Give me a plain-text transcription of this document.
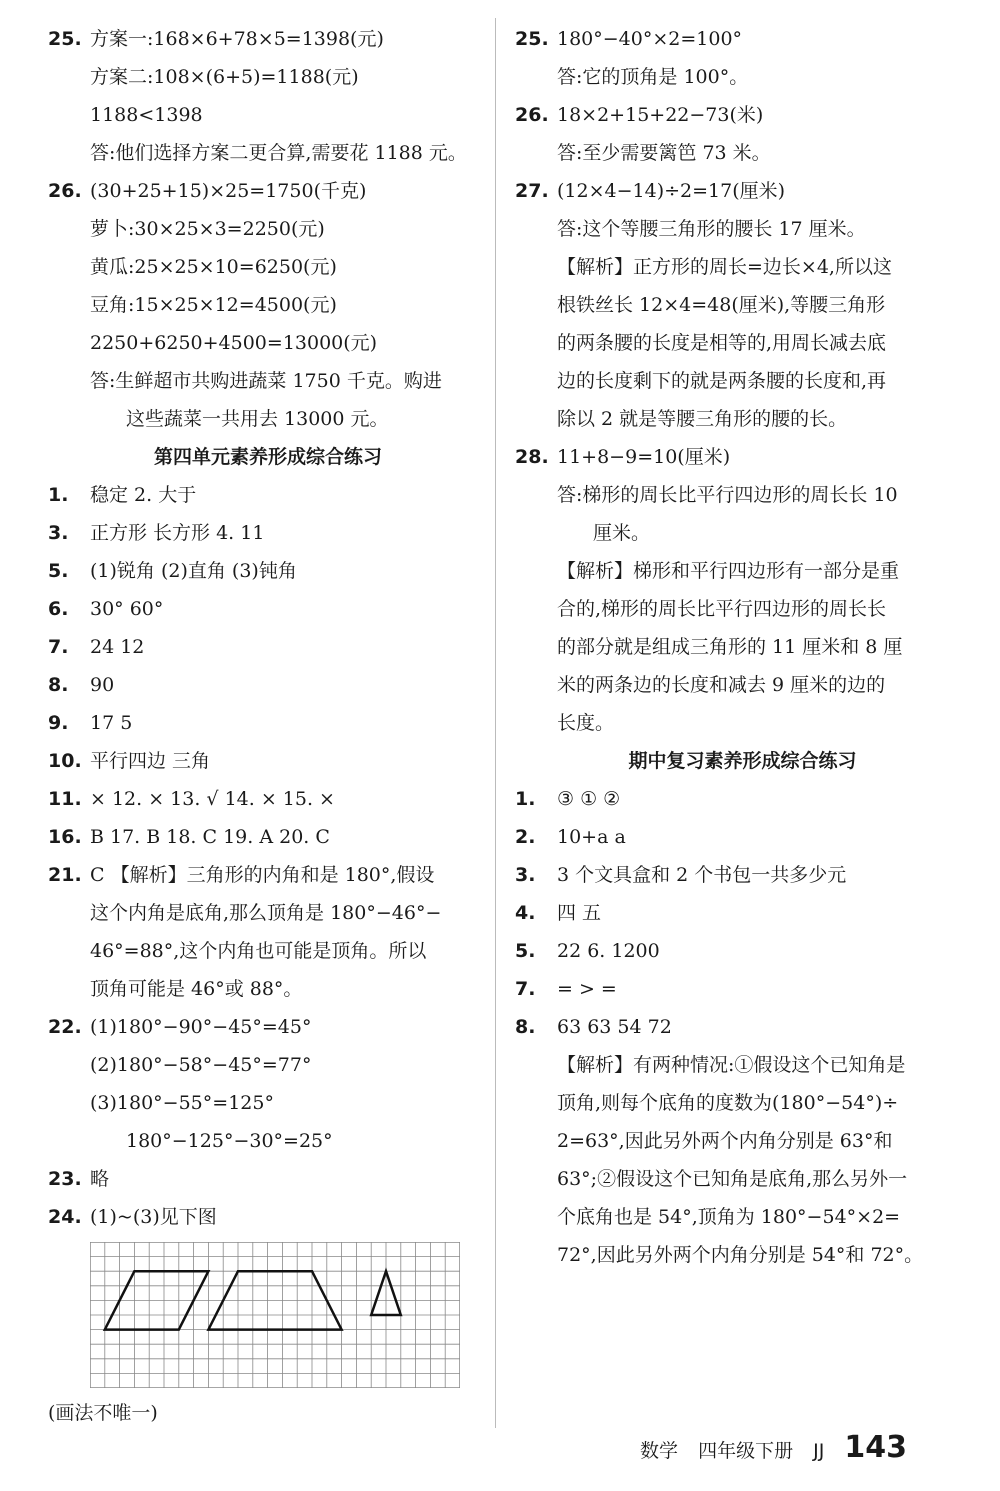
25. 方案一:168×6+78×5=1398(元)
方案二:108×(6+5)=1188(元)
1188<1398
答:他们选择方案二更合算,需要花 1188 元。
26. (30+25+15)×25=1750(千克)
萝卜:30×25×3=2250(元)
黄瓜:25×25×10=6250(元)
豆角:15×25×12=4500(元)
2250+6250+4500=13000(元)
答:生鲜超市共购进蔬菜 1750 千克。购进
这些蔬菜一共用去 13000 元。
第四单元素养形成综合练习
1. 稳定 2. 大于
3. 正方形 长方形 4. 11
5. (1)锐角 (2)直角 (3)钝角
6. 30° 60°
7. 24 12
8. 90
9. 17 5
10. 平行四边 三角
11. × 12. × 13. √ 14. × 15. ×
16. B 17. B 18. C 19. A 20. C
21. C 【解析】三角形的内角和是 180°,假设
这个内角是底角,那么顶角是 180°−46°−
46°=88°,这个内角也可能是顶角。所以
顶角可能是 46°或 88°。
22. (1)180°−90°−45°=45°
(2)180°−58°−45°=77°
(3)180°−55°=125°
180°−125°−30°=25°
23. 略
24. (1)~(3)见下图
(画法不唯一)
25. 180°−40°×2=100°
答:它的顶角是 100°。
26. 18×2+15+22−73(米)
答:至少需要篱笆 73 米。
27. (12×4−14)÷2=17(厘米)
答:这个等腰三角形的腰长 17 厘米。
【解析】正方形的周长=边长×4,所以这
根铁丝长 12×4=48(厘米),等腰三角形
的两条腰的长度是相等的,用周长减去底
边的长度剩下的就是两条腰的长度和,再
除以 2 就是等腰三角形的腰的长。
28. 11+8−9=10(厘米)
答:梯形的周长比平行四边形的周长长 10
厘米。
【解析】梯形和平行四边形有一部分是重
合的,梯形的周长比平行四边形的周长长
的部分就是组成三角形的 11 厘米和 8 厘
米的两条边的长度和减去 9 厘米的边的
长度。
期中复习素养形成综合练习
1. ③ ① ②
2. 10+a a
3. 3 个文具盒和 2 个书包一共多少元
4. 四 五
5. 22 6. 1200
7. = > =
8. 63 63 54 72
【解析】有两种情况:①假设这个已知角是
顶角,则每个底角的度数为(180°−54°)÷
2=63°,因此另外两个内角分别是 63°和
63°;②假设这个已知角是底角,那么另外一
个底角也是 54°,顶角为 180°−54°×2=
72°,因此另外两个内角分别是 54°和 72°。
数学 四年级下册 JJ 143
